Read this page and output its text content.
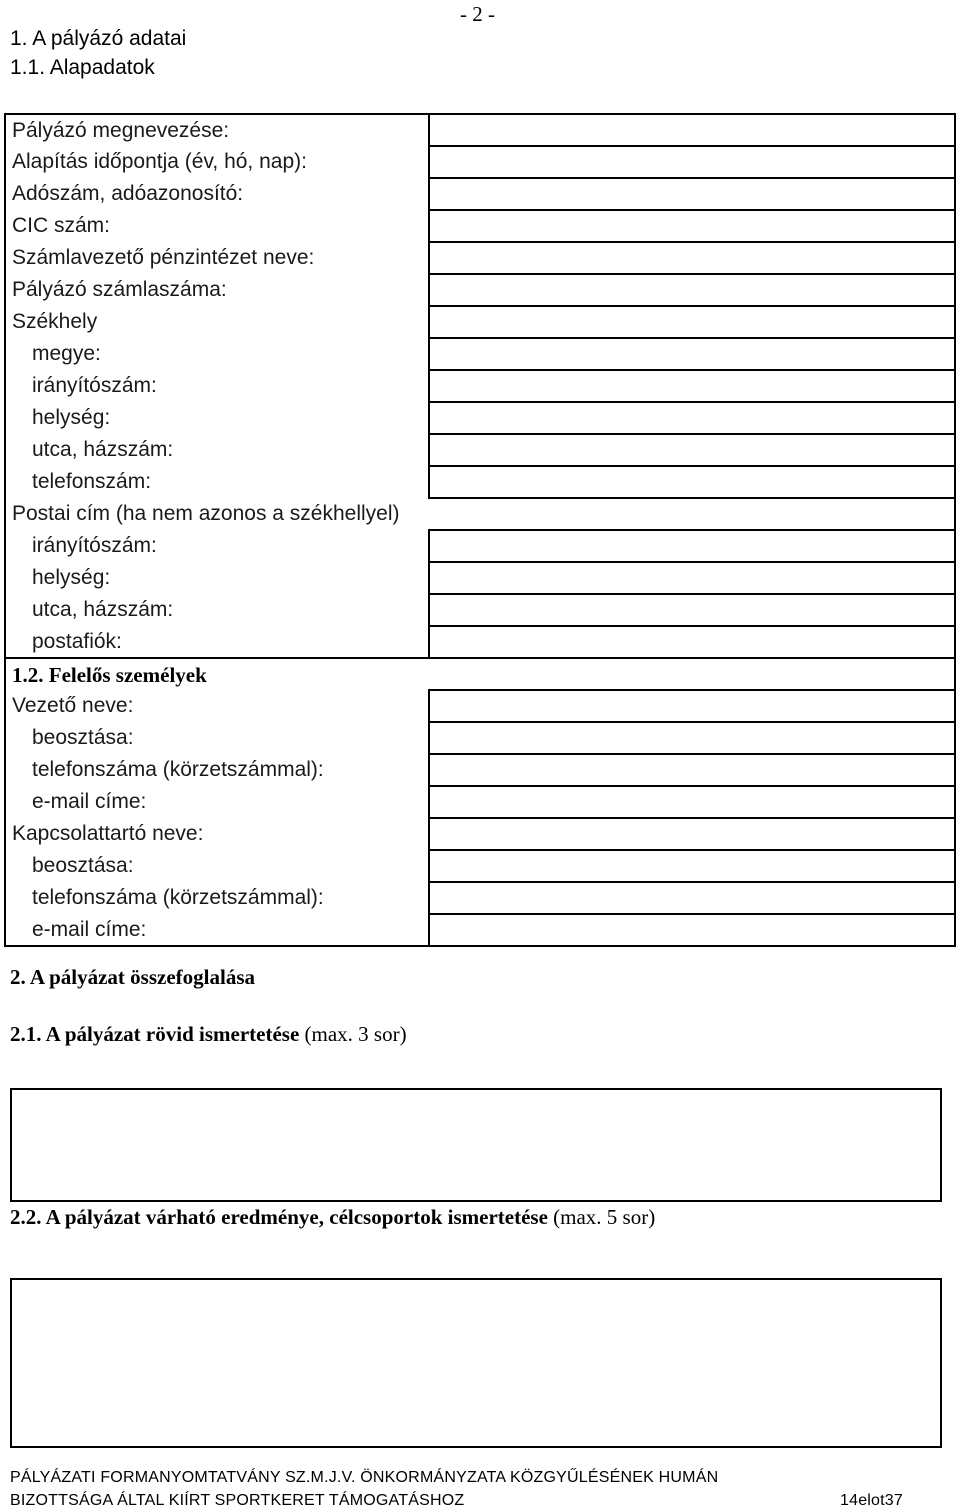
- 2 -
1. A pályázó adatai
1.1. Alapadatok
Pályázó megnevezése:	
Alapítás időpontja (év, hó, nap):	
Adószám, adóazonosító:	
CIC szám:	
Számlavezető pénzintézet neve:	
Pályázó számlaszáma:	
Székhely	
megye:	
irányítószám:	
helység:	
utca, házszám:	
telefonszám:	
Postai cím (ha nem azonos a székhellyel)	
irányítószám:	
helység:	
utca, házszám:	
postafiók:	
1.2. Felelős személyek	
Vezető neve:	
beosztása:	
telefonszáma (körzetszámmal):	
e-mail címe:	
Kapcsolattartó neve:	
beosztása:	
telefonszáma (körzetszámmal):	
e-mail címe:	
2. A pályázat összefoglalása
2.1. A pályázat rövid ismertetése (max. 3 sor)
2.2. A pályázat várható eredménye, célcsoportok ismertetése (max. 5 sor)
PÁLYÁZATI FORMANYOMTATVÁNY SZ.M.J.V. ÖNKORMÁNYZATA KÖZGYŰLÉSÉNEK HUMÁN
BIZOTTSÁGA ÁLTAL KIÍRT SPORTKERET TÁMOGATÁSHOZ	14elot37
